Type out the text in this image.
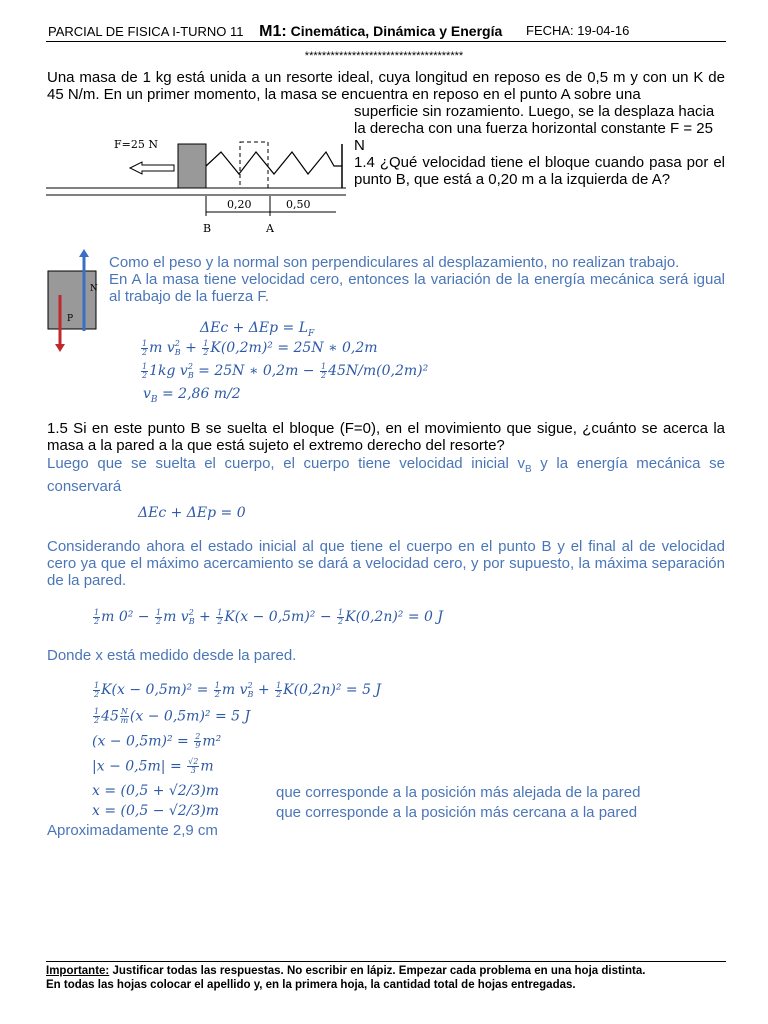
PARCIAL DE FISICA I-TURNO 11 M1: Cinemática, Dinámica y Energía FECHA: 19-04-16
*************************************
Una masa de 1 kg está unida a un resorte ideal, cuya longitud en reposo es de 0,5 m y con un K de 45 N/m. En un primer momento, la masa se encuentra en reposo en el punto A sobre una
superficie sin rozamiento. Luego, se la desplaza hacia la derecha con una fuerza horizontal constante F = 25 N
1.4 ¿Qué velocidad tiene el bloque cuando pasa por el punto B, que está a 0,20 m a la izquierda de A?
F=25 N
0,20	0,50
B	A
N
P
Como el peso y la normal son perpendiculares al desplazamiento, no realizan trabajo.
En A la masa tiene velocidad cero, entonces la variación de la energía mecánica será igual al trabajo de la fuerza F.
$\Delta Ec + \Delta Ep = L_F$
$\frac{1}{2}$ m v 2
$B + \frac{1}{2} K(0,2m)^2 = 25N$ ∗ 0,2m
$\frac{1}{2} 1kg$ v 2
B = 25N ∗ $0,2m - \frac{1}{2} 45N/m(0,2m)^2$
$v_B = 2,86$ m/2
1.5 Si en este punto B se suelta el bloque (F=0), en el movimiento que sigue, ¿cuánto se acerca la masa a la pared a la que está sujeto el extremo derecho del resorte?
Luego que se suelta el cuerpo, el cuerpo tiene velocidad inicial $v_B$ y la energía mecánica se conservará
ΔEc + ΔEp = 0
Considerando ahora el estado inicial al que tiene el cuerpo en el punto B y el final al de velocidad cero ya que el máximo acercamiento se dará a velocidad cero, y por supuesto, la máxima separación de la pared.
$\frac{1}{2}$ m $0^2 - \frac{1}{2}$ m v 2
$B + \frac{1}{2} K(x - 0,5m)^2 - \frac{1}{2} K(0,2n)^2 = 0$ J
Donde x está medido desde la pared.
$\frac{1}{2} K(x - 0,5m)^2 = \frac{1}{2}$ m v 2
$B + \frac{1}{2} K(0,2n)^2 = 5$ J
$\frac{1}{2} 45 \frac{N}{m} (x - 0,5m)^2 = 5$ J
$(x - 0,5m)^2 = \frac{2}{9} m^2$
$|x - 0,5m| = \frac{√2}{3}$ m
x = (0,5 + √2/3)m	que corresponde a la posición más alejada de la pared
x = (0,5 − √2/3)m	que corresponde a la posición más cercana a la pared
Aproximadamente 2,9 cm
Importante: Justificar todas las respuestas. No escribir en lápiz. Empezar cada problema en una hoja distinta.
En todas las hojas colocar el apellido y, en la primera hoja, la cantidad total de hojas entregadas.
